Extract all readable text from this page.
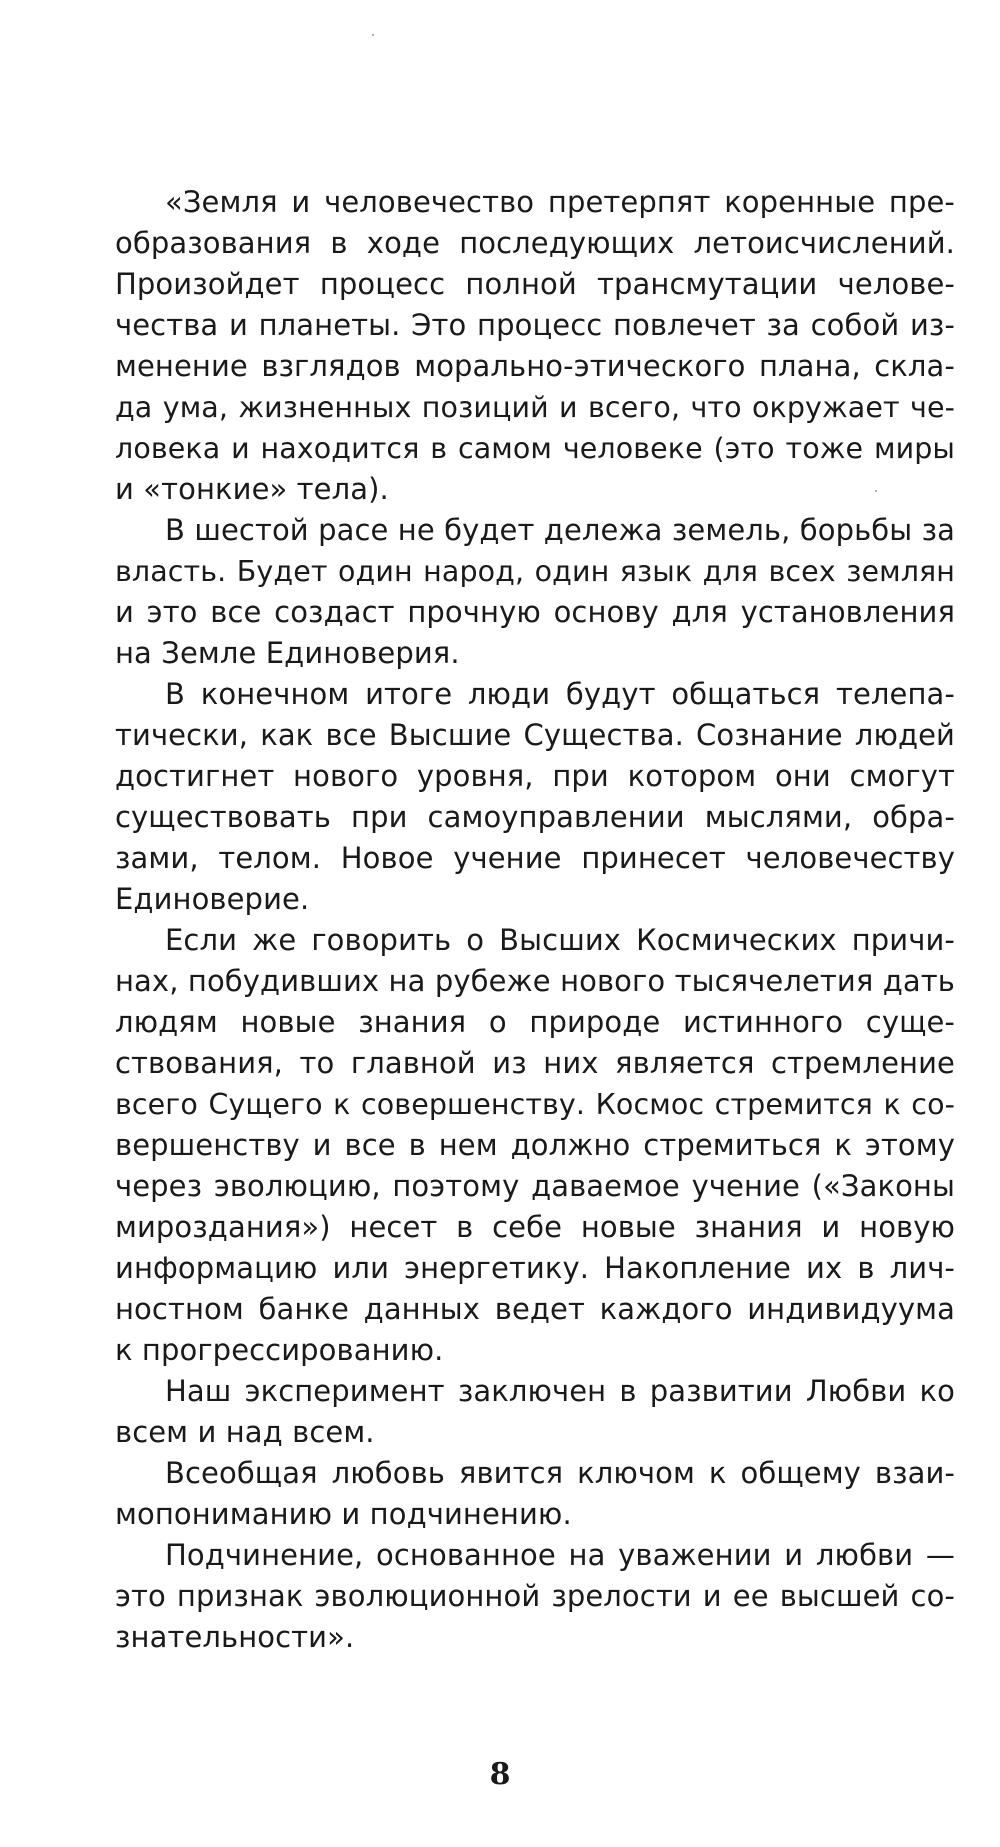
«Земля и человечество претерпят коренные пре-
образования в ходе последующих летоисчислений.
Произойдет процесс полной трансмутации челове-
чества и планеты. Это процесс повлечет за собой из-
менение взглядов морально-этического плана, скла-
да ума, жизненных позиций и всего, что окружает че-
ловека и находится в самом человеке (это тоже миры
и «тонкие» тела).
В шестой расе не будет дележа земель, борьбы за
власть. Будет один народ, один язык для всех землян
и это все создаст прочную основу для установления
на Земле Единоверия.
В конечном итоге люди будут общаться телепа-
тически, как все Высшие Существа. Сознание людей
достигнет нового уровня, при котором они смогут
существовать при самоуправлении мыслями, обра-
зами, телом. Новое учение принесет человечеству
Единоверие.
Если же говорить о Высших Космических причи-
нах, побудивших на рубеже нового тысячелетия дать
людям новые знания о природе истинного суще-
ствования, то главной из них является стремление
всего Сущего к совершенству. Космос стремится к со-
вершенству и все в нем должно стремиться к этому
через эволюцию, поэтому даваемое учение («Законы
мироздания») несет в себе новые знания и новую
информацию или энергетику. Накопление их в лич-
ностном банке данных ведет каждого индивидуума
к прогрессированию.
Наш эксперимент заключен в развитии Любви ко
всем и над всем.
Всеобщая любовь явится ключом к общему взаи-
мопониманию и подчинению.
Подчинение, основанное на уважении и любви —
это признак эволюционной зрелости и ее высшей со-
знательности».
8
